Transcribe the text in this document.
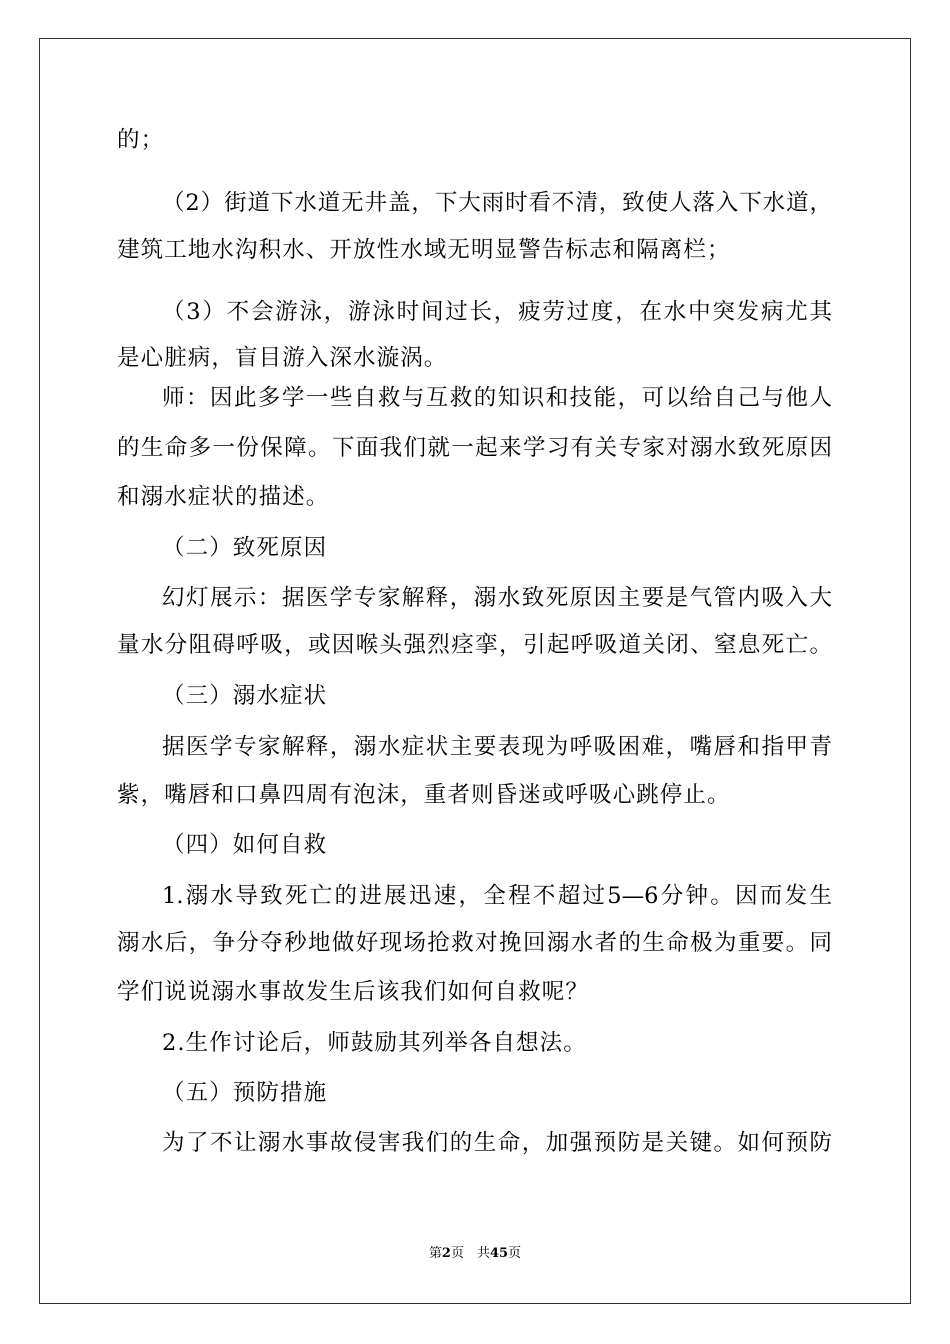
的；
（2）街道下水道无井盖，下大雨时看不清，致使人落入下水道，
建筑工地水沟积水、开放性水域无明显警告标志和隔离栏；
（3）不会游泳，游泳时间过长，疲劳过度，在水中突发病尤其
是心脏病，盲目游入深水漩涡。
师：因此多学一些自救与互救的知识和技能，可以给自己与他人
的生命多一份保障。下面我们就一起来学习有关专家对溺水致死原因
和溺水症状的描述。
（二）致死原因
幻灯展示：据医学专家解释，溺水致死原因主要是气管内吸入大
量水分阻碍呼吸，或因喉头强烈痉挛，引起呼吸道关闭、窒息死亡。
（三）溺水症状
据医学专家解释，溺水症状主要表现为呼吸困难，嘴唇和指甲青
紫，嘴唇和口鼻四周有泡沫，重者则昏迷或呼吸心跳停止。
（四）如何自救
1.溺水导致死亡的进展迅速，全程不超过5—6分钟。因而发生
溺水后，争分夺秒地做好现场抢救对挽回溺水者的生命极为重要。同
学们说说溺水事故发生后该我们如何自救呢？
2.生作讨论后，师鼓励其列举各自想法。
（五）预防措施
为了不让溺水事故侵害我们的生命，加强预防是关键。如何预防
第2页　共45页
